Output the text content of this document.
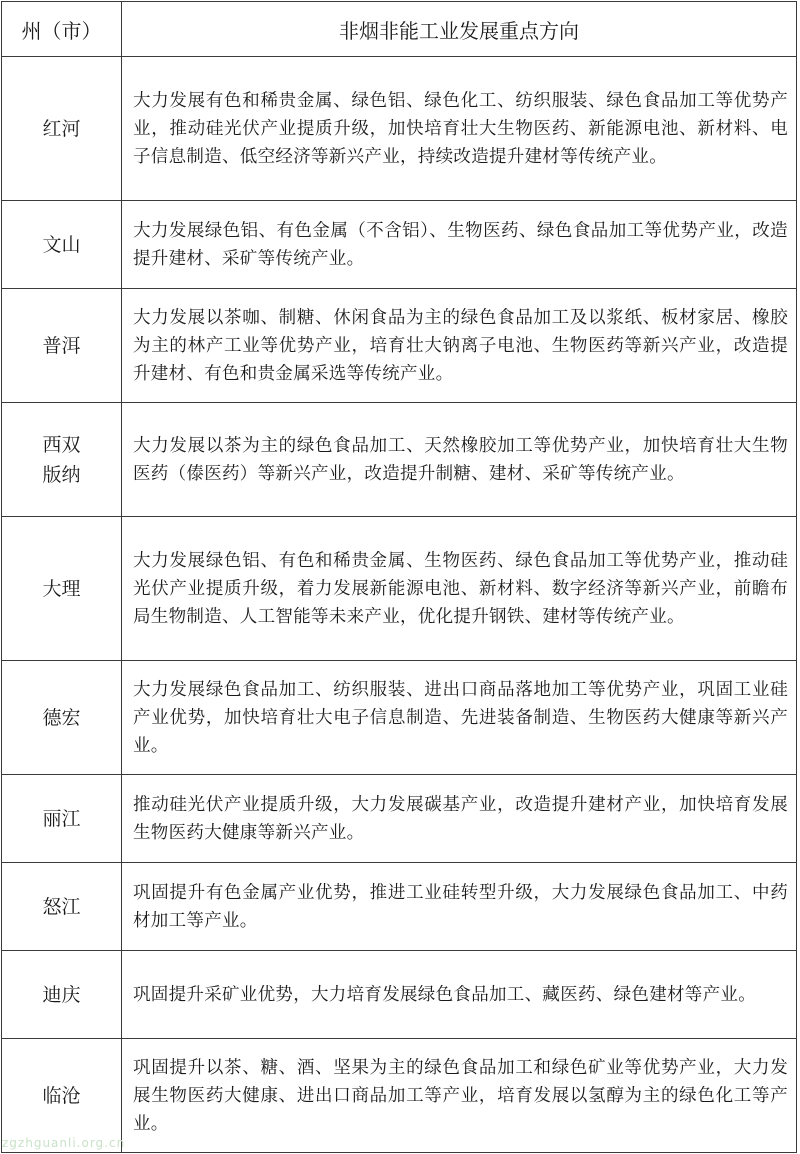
州（市）	非烟非能工业发展重点方向
红河	大力发展有色和稀贵金属、绿色铝、绿色化工、纺织服装、绿色食品加工等优势产业，推动硅光伏产业提质升级，加快培育壮大生物医药、新能源电池、新材料、电子信息制造、低空经济等新兴产业，持续改造提升建材等传统产业。
文山	大力发展绿色铝、有色金属（不含铝）、生物医药、绿色食品加工等优势产业，改造提升建材、采矿等传统产业。
普洱	大力发展以茶咖、制糖、休闲食品为主的绿色食品加工及以浆纸、板材家居、橡胶为主的林产工业等优势产业，培育壮大钠离子电池、生物医药等新兴产业，改造提升建材、有色和贵金属采选等传统产业。
西双版纳	大力发展以茶为主的绿色食品加工、天然橡胶加工等优势产业，加快培育壮大生物医药（傣医药）等新兴产业，改造提升制糖、建材、采矿等传统产业。
大理	大力发展绿色铝、有色和稀贵金属、生物医药、绿色食品加工等优势产业，推动硅光伏产业提质升级，着力发展新能源电池、新材料、数字经济等新兴产业，前瞻布局生物制造、人工智能等未来产业，优化提升钢铁、建材等传统产业。
德宏	大力发展绿色食品加工、纺织服装、进出口商品落地加工等优势产业，巩固工业硅产业优势，加快培育壮大电子信息制造、先进装备制造、生物医药大健康等新兴产业。
丽江	推动硅光伏产业提质升级，大力发展碳基产业，改造提升建材产业，加快培育发展生物医药大健康等新兴产业。
怒江	巩固提升有色金属产业优势，推进工业硅转型升级，大力发展绿色食品加工、中药材加工等产业。
迪庆	巩固提升采矿业优势，大力培育发展绿色食品加工、藏医药、绿色建材等产业。
临沧	巩固提升以茶、糖、酒、坚果为主的绿色食品加工和绿色矿业等优势产业，大力发展生物医药大健康、进出口商品加工等产业，培育发展以氢醇为主的绿色化工等产业。
zgzhguanli.org.cn
